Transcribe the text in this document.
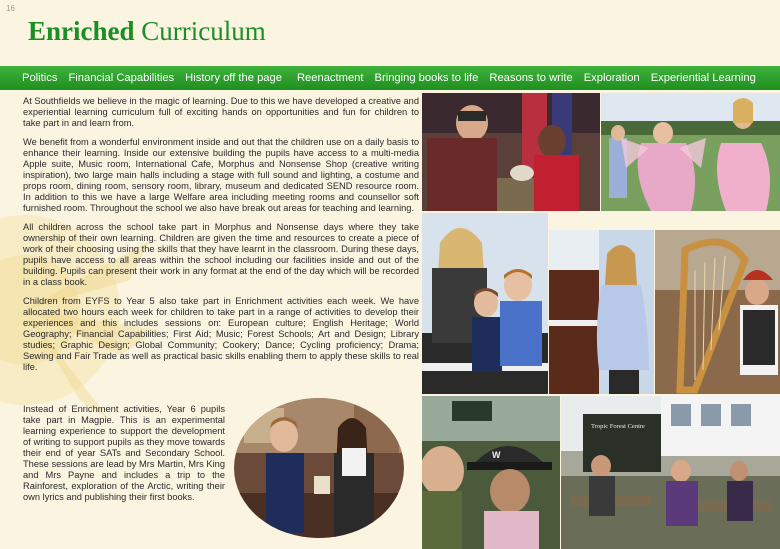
16
Enriched Curriculum
Politics Financial Capabilities History off the page Reenactment Bringing books to life Reasons to write Exploration Experiential Learning

At Southfields we believe in the magic of learning. Due to this we have developed a creative and experiential learning curriculum full of exciting hands on opportunities and fun for children to take part in and learn from.

We benefit from a wonderful environment inside and out that the children use on a daily basis to enhance their learning. Inside our extensive building the pupils have access to a multi-media Apple suite, Music room, International Cafe, Morphus and Nonsense Shop (creative writing inspiration), two large main halls including a stage with full sound and lighting, a costume and props room, dining room, sensory room, library, museum and dedicated SEND resource room. In addition to this we have a large Welfare area including meeting rooms and counsellor soft furnished room. Throughout the school we also have break out areas for teaching and learning.

All children across the school take part in Morphus and Nonsense days where they take ownership of their own learning. Children are given the time and resources to create a piece of work of their choosing using the skills that they have learnt in the classroom. During these days, pupils have access to all areas within the school including our facilities inside and out of the building. Pupils can present their work in any format at the end of the day which will be recorded in a class book.

Children from EYFS to Year 5 also take part in Enrichment activities each week. We have allocated two hours each week for children to take part in a range of activities to develop their experiences and this includes sessions on: European culture; English Heritage; World Geography; Financial Capabilities; First Aid; Music; Forest Schools; Art and Design; Library studies; Graphic Design; Global Community; Cookery; Dance; Cycling proficiency; Drama; Sewing and Fair Trade as well as practical basic skills enabling them to apply these skills to real life.

Instead of Enrichment activities, Year 6 pupils take part in Magpie. This is an experimental learning experience to support the development of writing to support pupils as they move towards their end of year SATs and Secondary School. These sessions are lead by Mrs Martin, Mrs King and Mrs Payne and includes a trip to the Rainforest, exploration of the Arctic, writing their own lyrics and publishing their first books.

W
Tropic Forest Centre
